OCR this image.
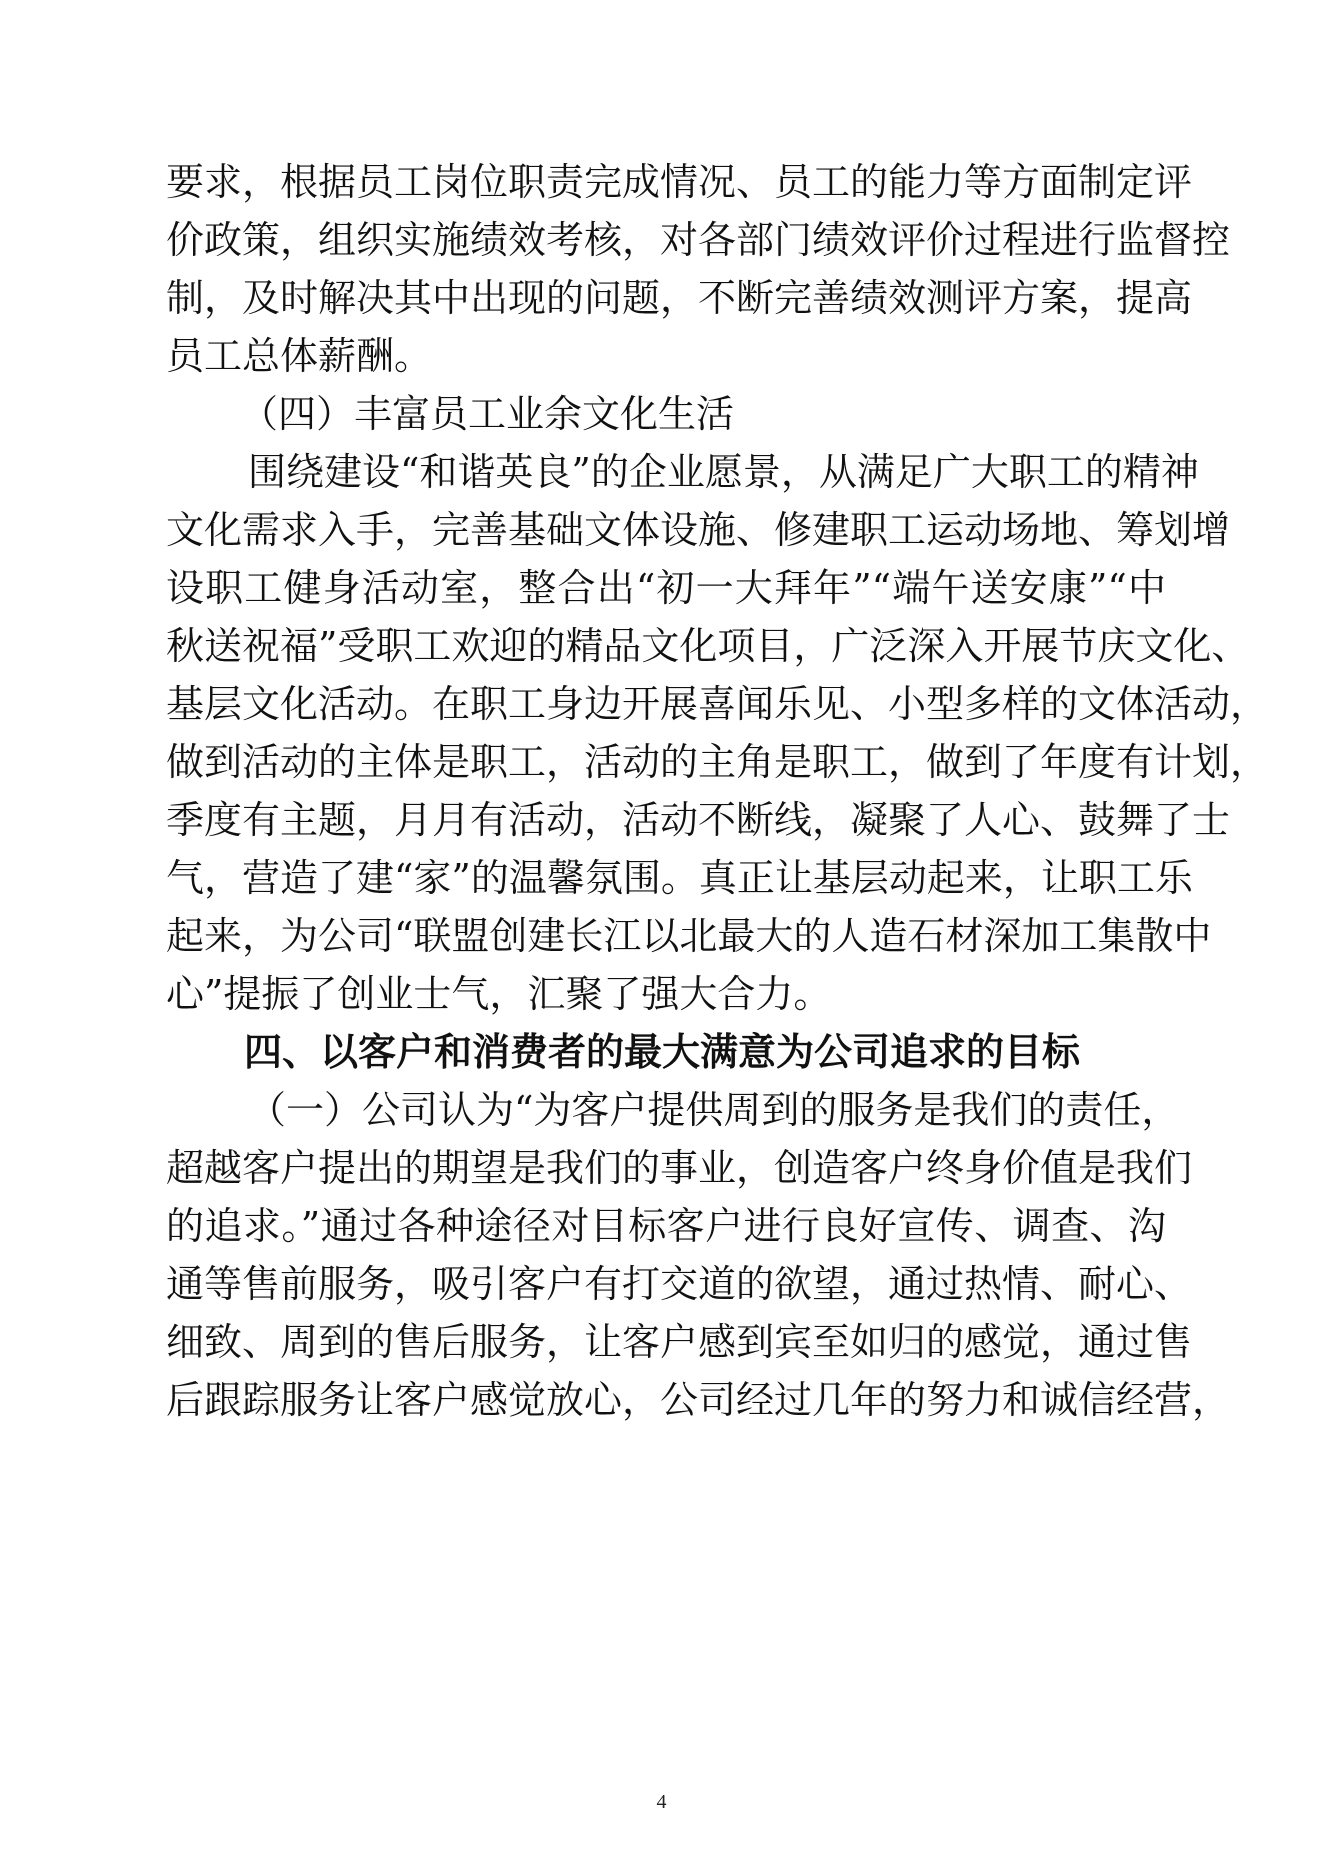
要求，根据员工岗位职责完成情况、员工的能力等方面制定评
价政策，组织实施绩效考核，对各部门绩效评价过程进行监督控
制，及时解决其中出现的问题，不断完善绩效测评方案，提高
员工总体薪酬。
（四）丰富员工业余文化生活
围绕建设“和谐英良”的企业愿景，从满足广大职工的精神
文化需求入手，完善基础文体设施、修建职工运动场地、筹划增
设职工健身活动室，整合出“初一大拜年”“端午送安康”“中
秋送祝福”受职工欢迎的精品文化项目，广泛深入开展节庆文化、
基层文化活动。在职工身边开展喜闻乐见、小型多样的文体活动，
做到活动的主体是职工，活动的主角是职工，做到了年度有计划，
季度有主题，月月有活动，活动不断线，凝聚了人心、鼓舞了士
气，营造了建“家”的温馨氛围。真正让基层动起来，让职工乐
起来，为公司“联盟创建长江以北最大的人造石材深加工集散中
心”提振了创业士气，汇聚了强大合力。
四、以客户和消费者的最大满意为公司追求的目标
（一）公司认为“为客户提供周到的服务是我们的责任，
超越客户提出的期望是我们的事业，创造客户终身价值是我们
的追求。”通过各种途径对目标客户进行良好宣传、调查、沟
通等售前服务，吸引客户有打交道的欲望，通过热情、耐心、
细致、周到的售后服务，让客户感到宾至如归的感觉，通过售
后跟踪服务让客户感觉放心，公司经过几年的努力和诚信经营，
4
